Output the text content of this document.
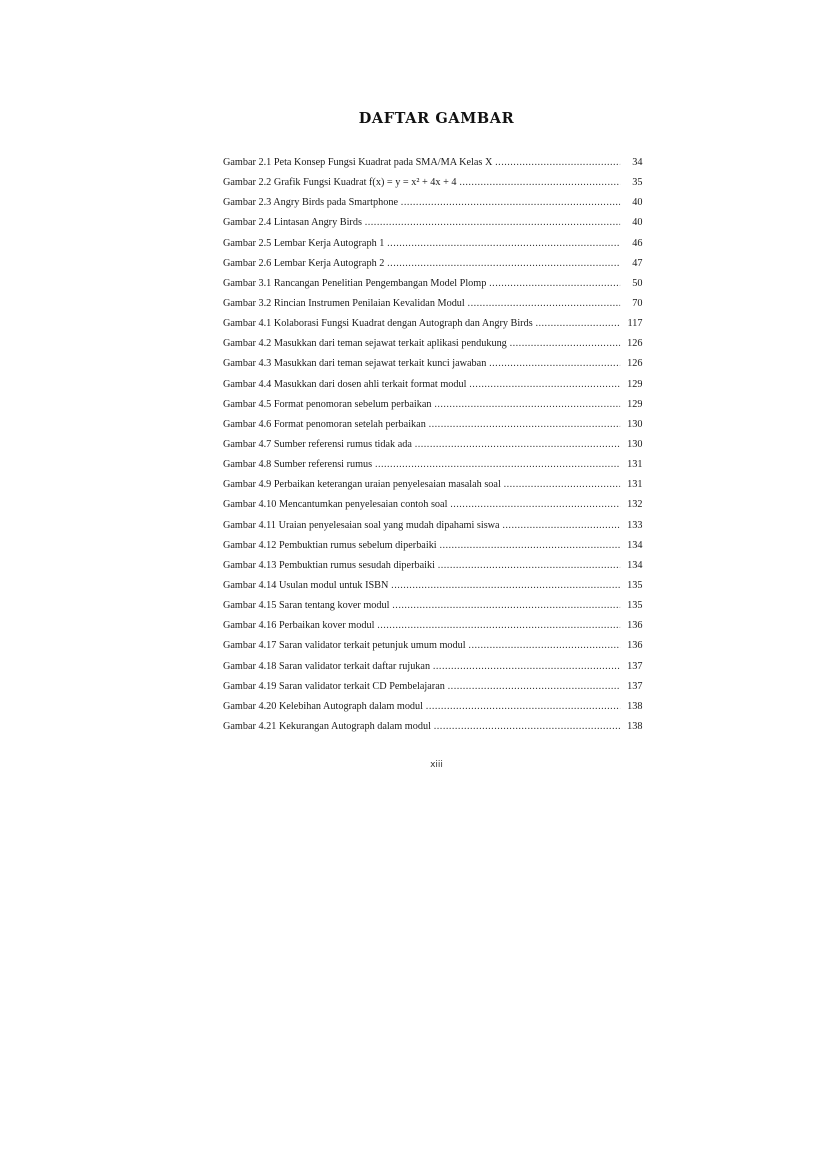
DAFTAR GAMBAR
Gambar 2.1 Peta Konsep Fungsi Kuadrat pada SMA/MA Kelas X .....	34
Gambar 2.2 Grafik Fungsi Kuadrat f(x) = y = x² + 4x + 4 .....	35
Gambar 2.3 Angry Birds pada Smartphone .....	40
Gambar 2.4 Lintasan Angry Birds .....	40
Gambar 2.5 Lembar Kerja Autograph 1 .....	46
Gambar 2.6 Lembar Kerja Autograph 2 .....	47
Gambar 3.1 Rancangan Penelitian Pengembangan Model Plomp .....	50
Gambar 3.2 Rincian Instrumen Penilaian Kevalidan Modul .....	70
Gambar 4.1 Kolaborasi Fungsi Kuadrat dengan Autograph dan Angry Birds .....	117
Gambar 4.2 Masukkan dari teman sejawat terkait aplikasi pendukung .....	126
Gambar 4.3 Masukkan dari teman sejawat terkait kunci jawaban .....	126
Gambar 4.4 Masukkan dari dosen ahli terkait format modul .....	129
Gambar 4.5 Format penomoran sebelum perbaikan .....	129
Gambar 4.6 Format penomoran setelah perbaikan .....	130
Gambar 4.7 Sumber referensi rumus tidak ada .....	130
Gambar 4.8 Sumber referensi rumus .....	131
Gambar 4.9 Perbaikan keterangan uraian penyelesaian masalah soal .....	131
Gambar 4.10 Mencantumkan penyelesaian contoh soal .....	132
Gambar 4.11 Uraian penyelesaian soal yang mudah dipahami siswa .....	133
Gambar 4.12 Pembuktian rumus sebelum diperbaiki .....	134
Gambar 4.13 Pembuktian rumus sesudah diperbaiki .....	134
Gambar 4.14 Usulan modul untuk ISBN .....	135
Gambar 4.15 Saran tentang kover modul .....	135
Gambar 4.16 Perbaikan kover modul .....	136
Gambar 4.17 Saran validator terkait petunjuk umum modul .....	136
Gambar 4.18 Saran validator terkait daftar rujukan .....	137
Gambar 4.19 Saran validator terkait CD Pembelajaran .....	137
Gambar 4.20 Kelebihan Autograph dalam modul .....	138
Gambar 4.21 Kekurangan Autograph dalam modul .....	138
xiii
